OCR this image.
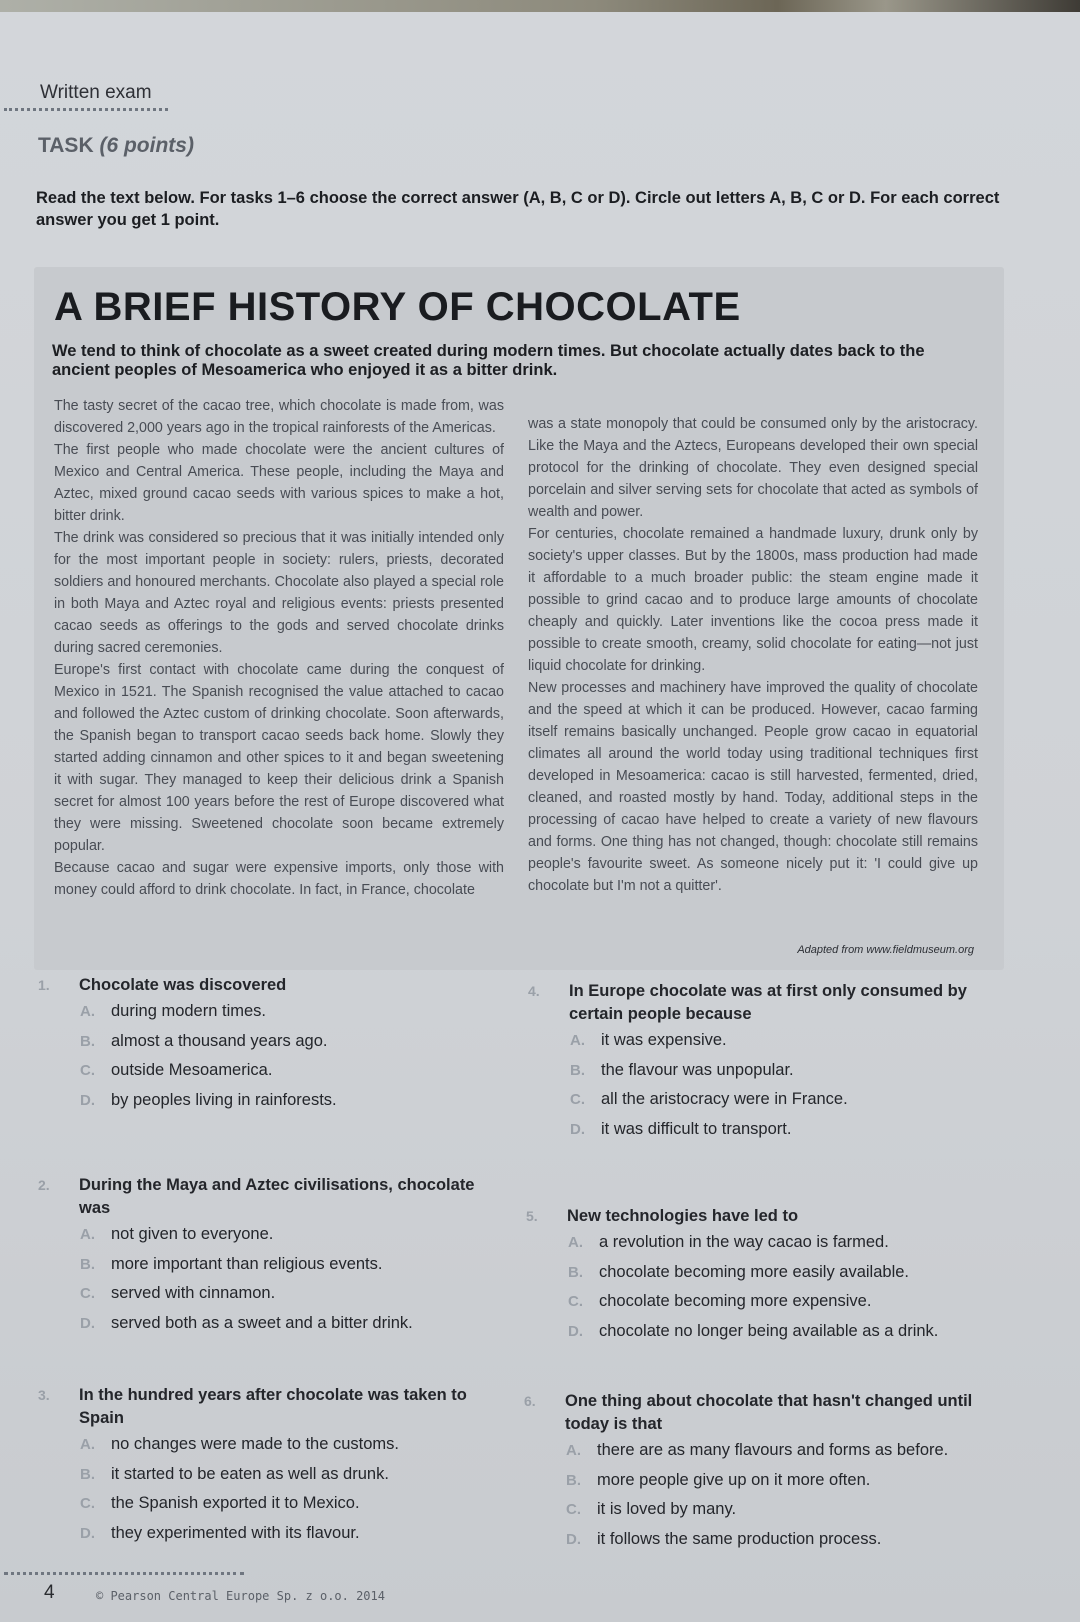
Written exam
TASK (6 points)
Read the text below. For tasks 1–6 choose the correct answer (A, B, C or D). Circle out letters A, B, C or D. For each correct answer you get 1 point.
A BRIEF HISTORY OF CHOCOLATE
We tend to think of chocolate as a sweet created during modern times. But chocolate actually dates back to the ancient peoples of Mesoamerica who enjoyed it as a bitter drink.

The tasty secret of the cacao tree, which chocolate is made from, was discovered 2,000 years ago in the tropical rainforests of the Americas.

The first people who made chocolate were the ancient cultures of Mexico and Central America. These people, including the Maya and Aztec, mixed ground cacao seeds with various spices to make a hot, bitter drink.

The drink was considered so precious that it was initially intended only for the most important people in society: rulers, priests, decorated soldiers and honoured merchants. Chocolate also played a special role in both Maya and Aztec royal and religious events: priests presented cacao seeds as offerings to the gods and served chocolate drinks during sacred ceremonies.

Europe's first contact with chocolate came during the conquest of Mexico in 1521. The Spanish recognised the value attached to cacao and followed the Aztec custom of drinking chocolate. Soon afterwards, the Spanish began to transport cacao seeds back home. Slowly they started adding cinnamon and other spices to it and began sweetening it with sugar. They managed to keep their delicious drink a Spanish secret for almost 100 years before the rest of Europe discovered what they were missing. Sweetened chocolate soon became extremely popular.

Because cacao and sugar were expensive imports, only those with money could afford to drink chocolate. In fact, in France, chocolate

was a state monopoly that could be consumed only by the aristocracy. Like the Maya and the Aztecs, Europeans developed their own special protocol for the drinking of chocolate. They even designed special porcelain and silver serving sets for chocolate that acted as symbols of wealth and power.

For centuries, chocolate remained a handmade luxury, drunk only by society's upper classes. But by the 1800s, mass production had made it affordable to a much broader public: the steam engine made it possible to grind cacao and to produce large amounts of chocolate cheaply and quickly. Later inventions like the cocoa press made it possible to create smooth, creamy, solid chocolate for eating—not just liquid chocolate for drinking.

New processes and machinery have improved the quality of chocolate and the speed at which it can be produced. However, cacao farming itself remains basically unchanged. People grow cacao in equatorial climates all around the world today using traditional techniques first developed in Mesoamerica: cacao is still harvested, fermented, dried, cleaned, and roasted mostly by hand. Today, additional steps in the processing of cacao have helped to create a variety of new flavours and forms. One thing has not changed, though: chocolate still remains people's favourite sweet. As someone nicely put it: 'I could give up chocolate but I'm not a quitter'.

Adapted from www.fieldmuseum.org
1. Chocolate was discovered
A. during modern times.
B. almost a thousand years ago.
C. outside Mesoamerica.
D. by peoples living in rainforests.
2. During the Maya and Aztec civilisations, chocolate was
A. not given to everyone.
B. more important than religious events.
C. served with cinnamon.
D. served both as a sweet and a bitter drink.
3. In the hundred years after chocolate was taken to Spain
A. no changes were made to the customs.
B. it started to be eaten as well as drunk.
C. the Spanish exported it to Mexico.
D. they experimented with its flavour.
4. In Europe chocolate was at first only consumed by certain people because
A. it was expensive.
B. the flavour was unpopular.
C. all the aristocracy were in France.
D. it was difficult to transport.
5. New technologies have led to
A. a revolution in the way cacao is farmed.
B. chocolate becoming more easily available.
C. chocolate becoming more expensive.
D. chocolate no longer being available as a drink.
6. One thing about chocolate that hasn't changed until today is that
A. there are as many flavours and forms as before.
B. more people give up on it more often.
C. it is loved by many.
D. it follows the same production process.
4	© Pearson Central Europe Sp. z o.o. 2014
